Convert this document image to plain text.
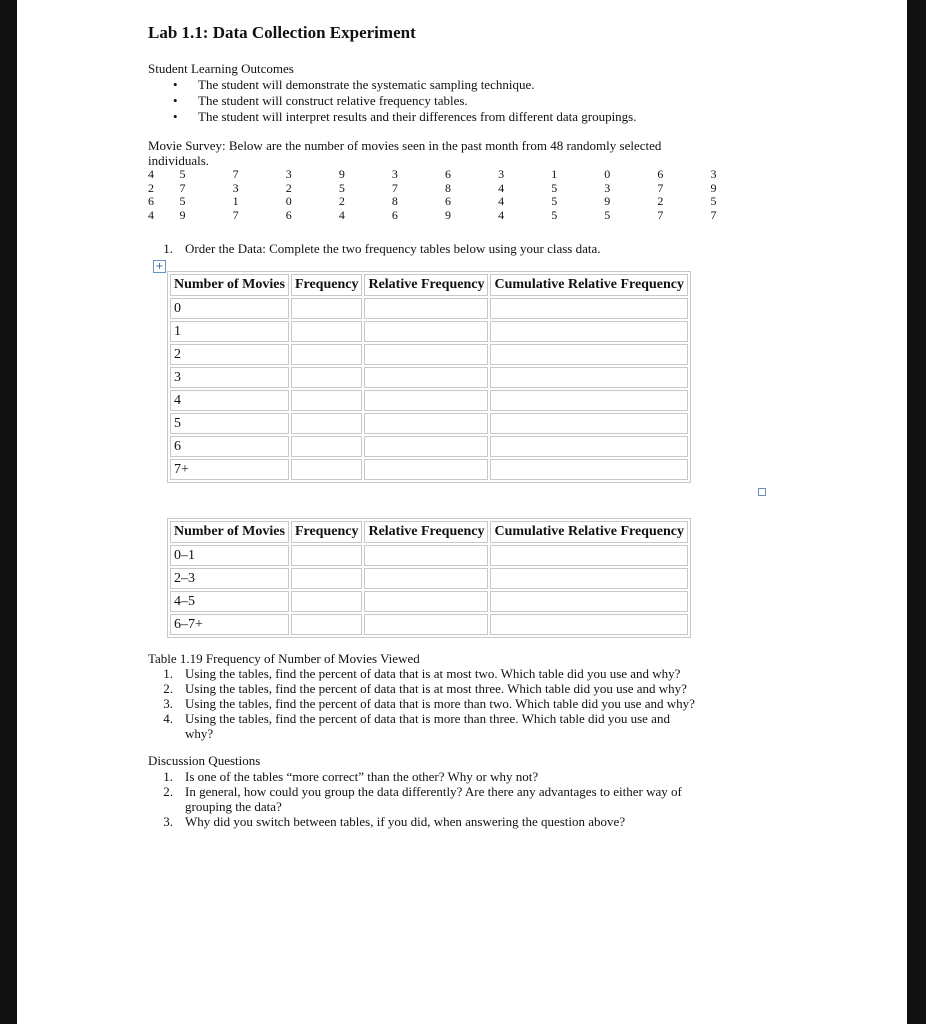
Lab 1.1: Data Collection Experiment
Student Learning Outcomes
• The student will demonstrate the systematic sampling technique.
• The student will construct relative frequency tables.
• The student will interpret results and their differences from different data groupings.
Movie Survey: Below are the number of movies seen in the past month from 48 randomly selected
individuals.
4	5	7	3	9	3	6	3	1	0	6	3
2	7	3	2	5	7	8	4	5	3	7	9
6	5	1	0	2	8	6	4	5	9	2	5
4	9	7	6	4	6	9	4	5	5	7	7
1. Order the Data: Complete the two frequency tables below using your class data.
+
Number of Movies	Frequency	Relative Frequency	Cumulative Relative Frequency
0			
1			
2			
3			
4			
5			
6			
7+			
Number of Movies	Frequency	Relative Frequency	Cumulative Relative Frequency
0–1			
2–3			
4–5			
6–7+			
Table 1.19 Frequency of Number of Movies Viewed
1. Using the tables, find the percent of data that is at most two. Which table did you use and why?
2. Using the tables, find the percent of data that is at most three. Which table did you use and why?
3. Using the tables, find the percent of data that is more than two. Which table did you use and why?
4. Using the tables, find the percent of data that is more than three. Which table did you use and
why?
Discussion Questions
1. Is one of the tables “more correct” than the other? Why or why not?
2. In general, how could you group the data differently? Are there any advantages to either way of
grouping the data?
3. Why did you switch between tables, if you did, when answering the question above?
